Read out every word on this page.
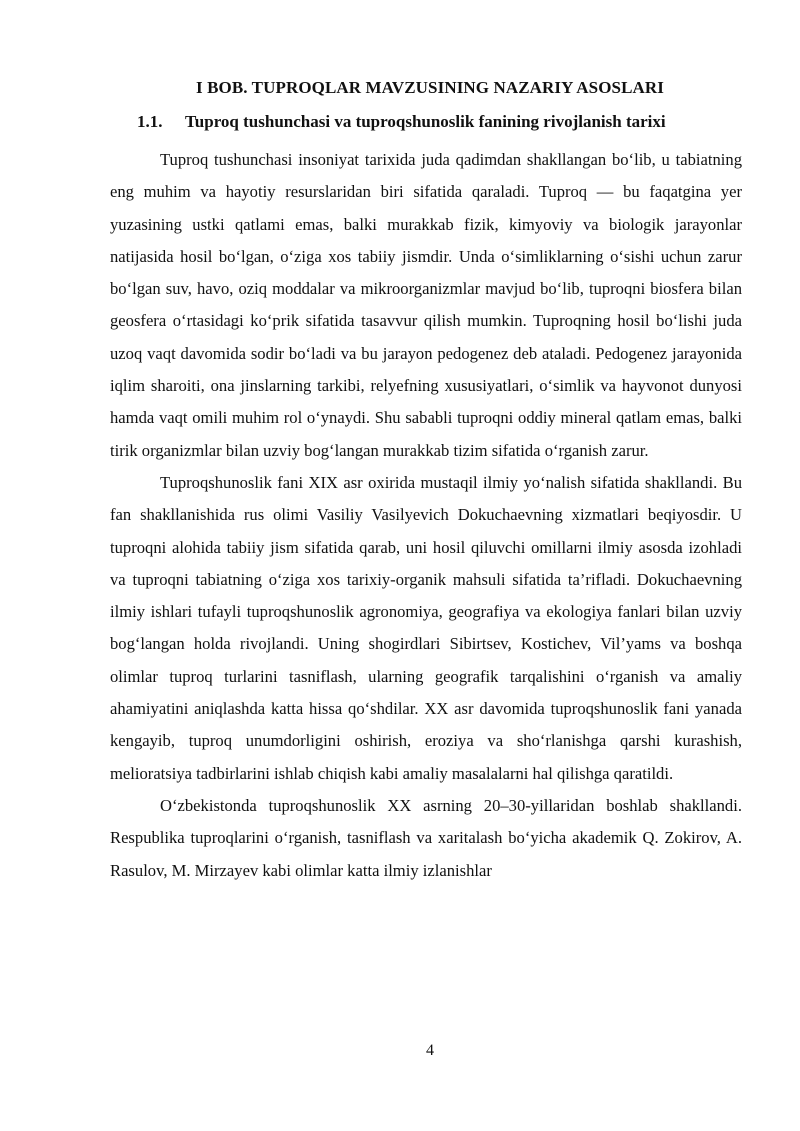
I BOB. TUPROQLAR MAVZUSINING NAZARIY ASOSLARI
1.1. Tuproq tushunchasi va tuproqshunoslik fanining rivojlanish tarixi

Tuproq tushunchasi insoniyat tarixida juda qadimdan shakllangan bo‘lib, u tabiatning eng muhim va hayotiy resurslaridan biri sifatida qaraladi. Tuproq — bu faqatgina yer yuzasining ustki qatlami emas, balki murakkab fizik, kimyoviy va biologik jarayonlar natijasida hosil bo‘lgan, o‘ziga xos tabiiy jismdir. Unda o‘simliklarning o‘sishi uchun zarur bo‘lgan suv, havo, oziq moddalar va mikroorganizmlar mavjud bo‘lib, tuproqni biosfera bilan geosfera o‘rtasidagi ko‘prik sifatida tasavvur qilish mumkin. Tuproqning hosil bo‘lishi juda uzoq vaqt davomida sodir bo‘ladi va bu jarayon pedogenez deb ataladi. Pedogenez jarayonida iqlim sharoiti, ona jinslarning tarkibi, relyefning xususiyatlari, o‘simlik va hayvonot dunyosi hamda vaqt omili muhim rol o‘ynaydi. Shu sababli tuproqni oddiy mineral qatlam emas, balki tirik organizmlar bilan uzviy bog‘langan murakkab tizim sifatida o‘rganish zarur.

Tuproqshunoslik fani XIX asr oxirida mustaqil ilmiy yo‘nalish sifatida shakllandi. Bu fan shakllanishida rus olimi Vasiliy Vasilyevich Dokuchaevning xizmatlari beqiyosdir. U tuproqni alohida tabiiy jism sifatida qarab, uni hosil qiluvchi omillarni ilmiy asosda izohladi va tuproqni tabiatning o‘ziga xos tarixiy-organik mahsuli sifatida ta’rifladi. Dokuchaevning ilmiy ishlari tufayli tuproqshunoslik agronomiya, geografiya va ekologiya fanlari bilan uzviy bog‘langan holda rivojlandi. Uning shogirdlari Sibirtsev, Kostichev, Vil’yams va boshqa olimlar tuproq turlarini tasniflash, ularning geografik tarqalishini o‘rganish va amaliy ahamiyatini aniqlashda katta hissa qo‘shdilar. XX asr davomida tuproqshunoslik fani yanada kengayib, tuproq unumdorligini oshirish, eroziya va sho‘rlanishga qarshi kurashish, melioratsiya tadbirlarini ishlab chiqish kabi amaliy masalalarni hal qilishga qaratildi.

O‘zbekistonda tuproqshunoslik XX asrning 20–30-yillaridan boshlab shakllandi. Respublika tuproqlarini o‘rganish, tasniflash va xaritalash bo‘yicha akademik Q. Zokirov, A. Rasulov, M. Mirzayev kabi olimlar katta ilmiy izlanishlar

4
